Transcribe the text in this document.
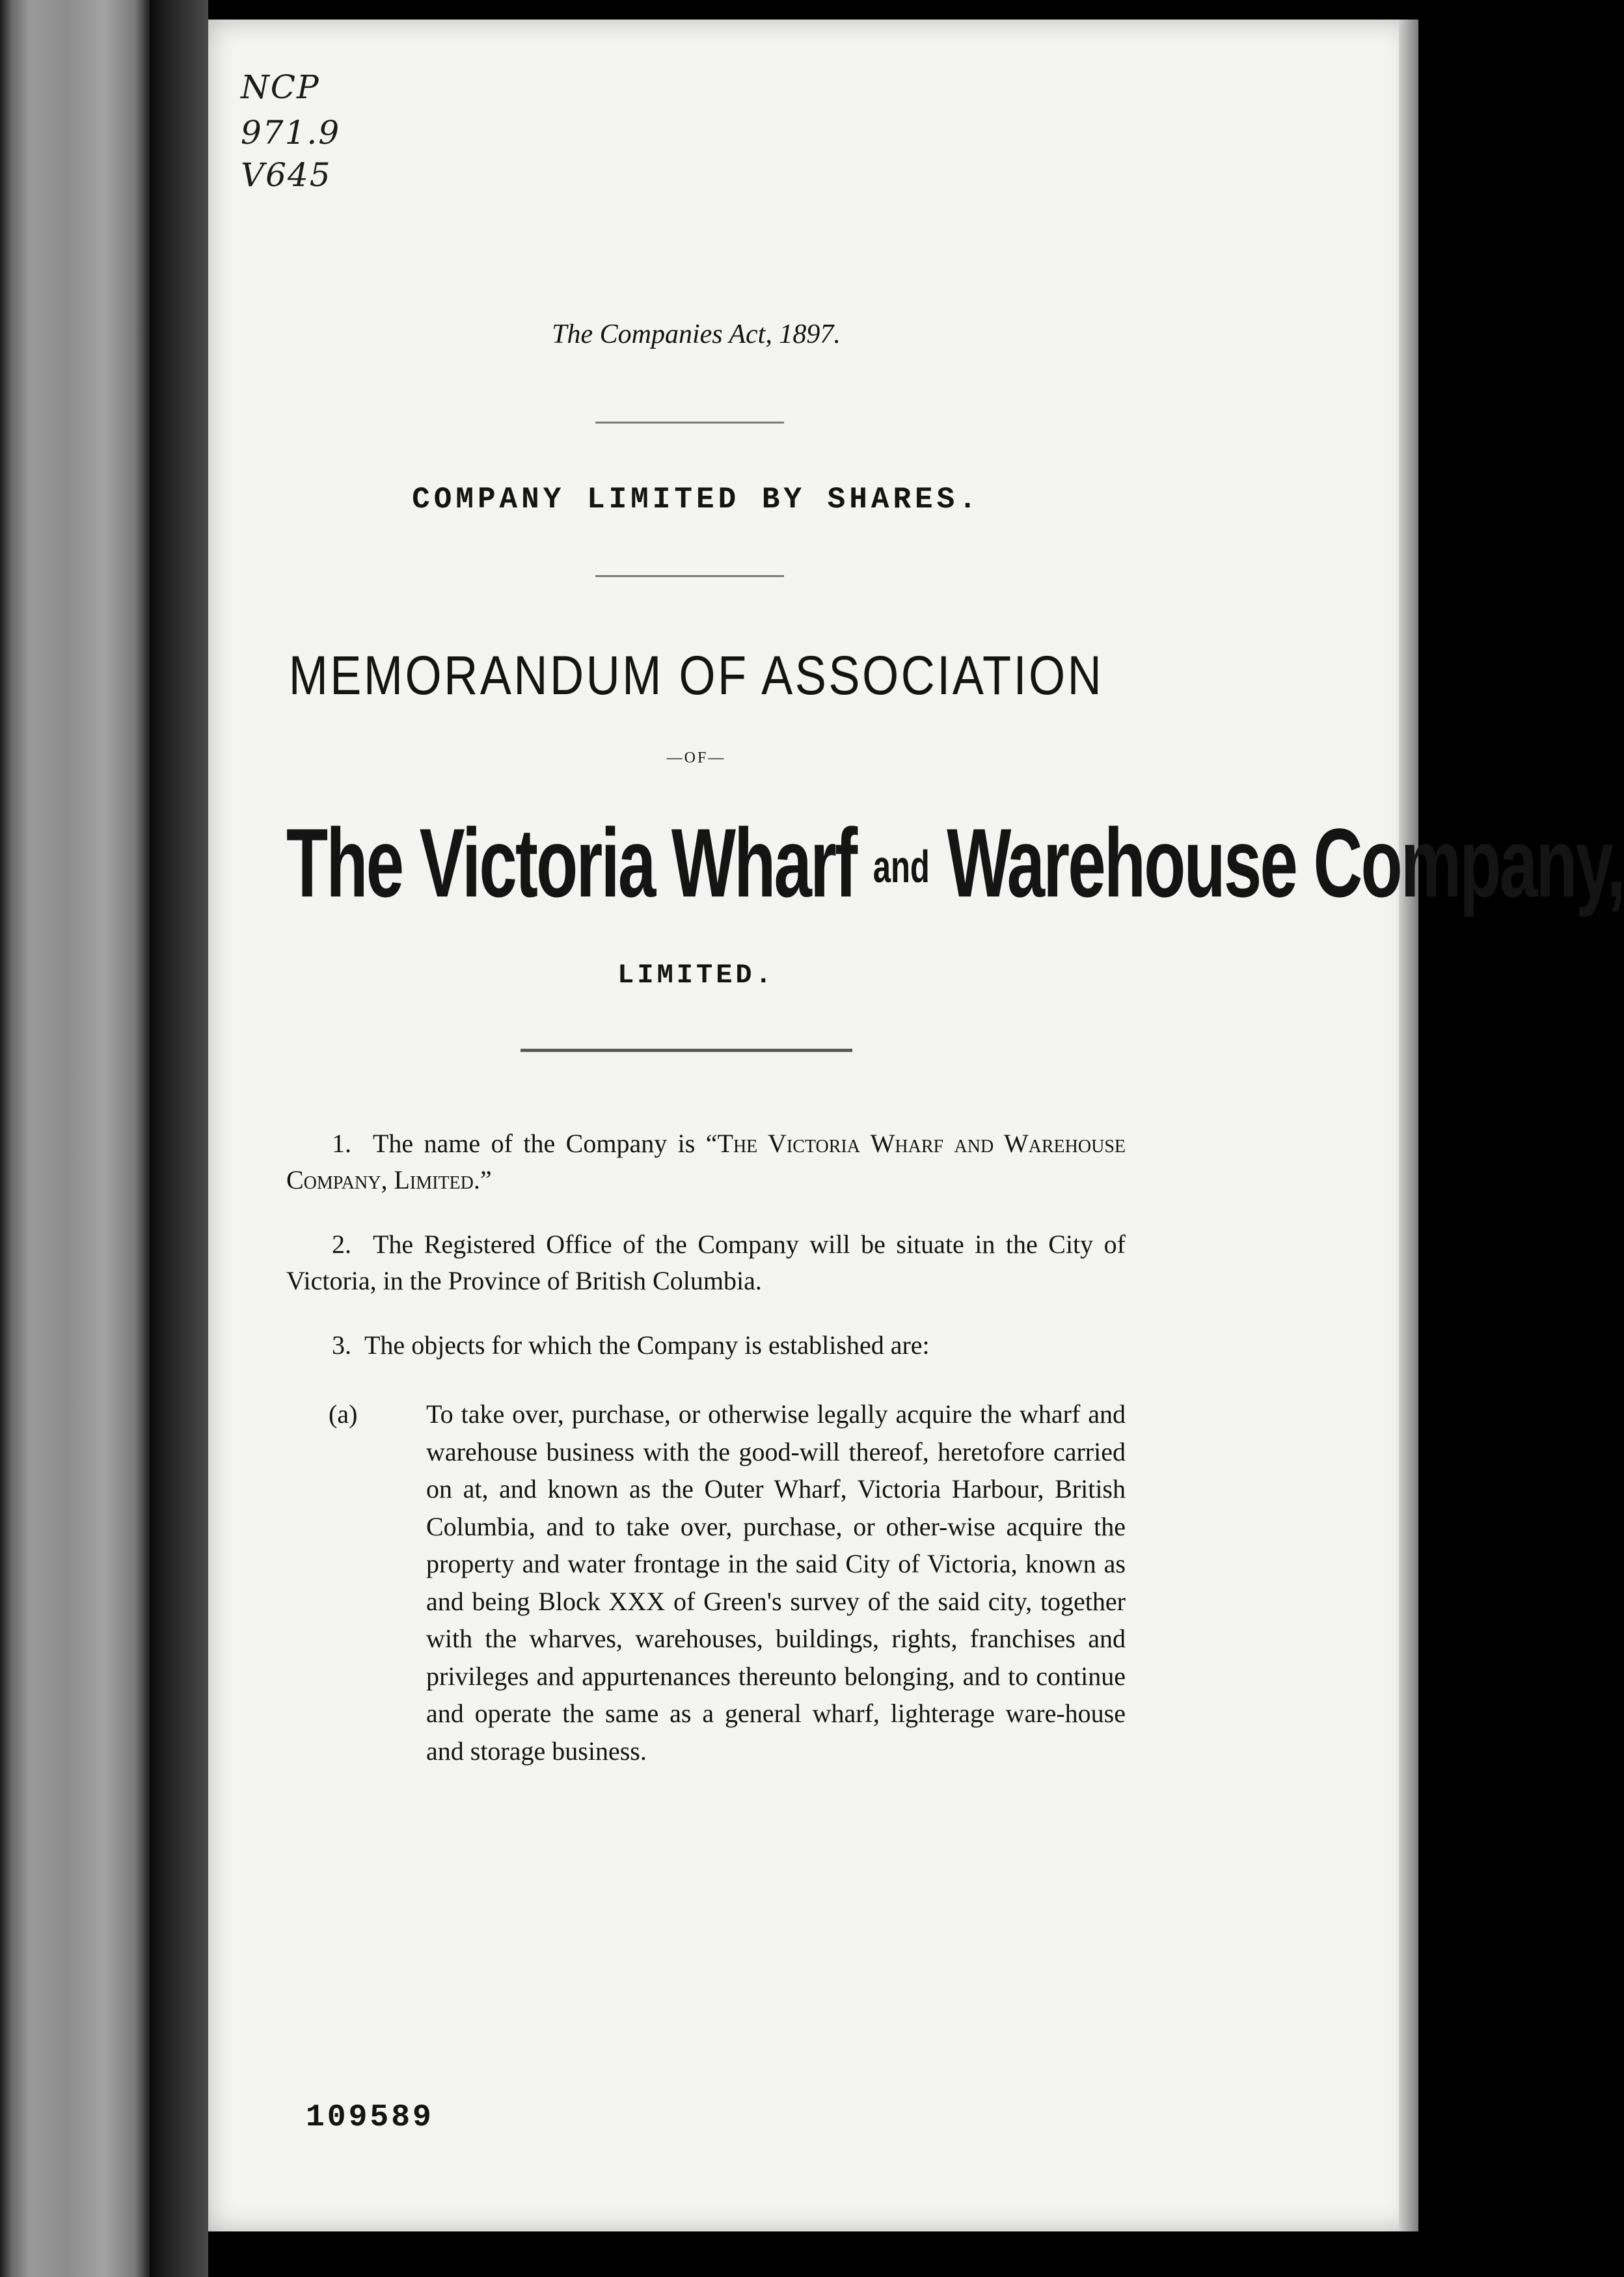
NCP
971.9
V645
The Companies Act, 1897.
COMPANY LIMITED BY SHARES.
MEMORANDUM OF ASSOCIATION
—OF—
The Victoria Wharf and Warehouse Company,
LIMITED.
1. The name of the Company is “The Victoria Wharf and Warehouse Company, Limited.”
2. The Registered Office of the Company will be situate in the City of Victoria, in the Province of British Columbia.
3. The objects for which the Company is established are:
(a)	To take over, purchase, or otherwise legally acquire the wharf and warehouse business with the good-will thereof, heretofore carried on at, and known as the Outer Wharf, Victoria Harbour, British Columbia, and to take over, purchase, or other-wise acquire the property and water frontage in the said City of Victoria, known as and being Block XXX of Green's survey of the said city, together with the wharves, warehouses, buildings, rights, franchises and privileges and appurtenances thereunto belonging, and to continue and operate the same as a general wharf, lighterage ware-house and storage business.
109589
